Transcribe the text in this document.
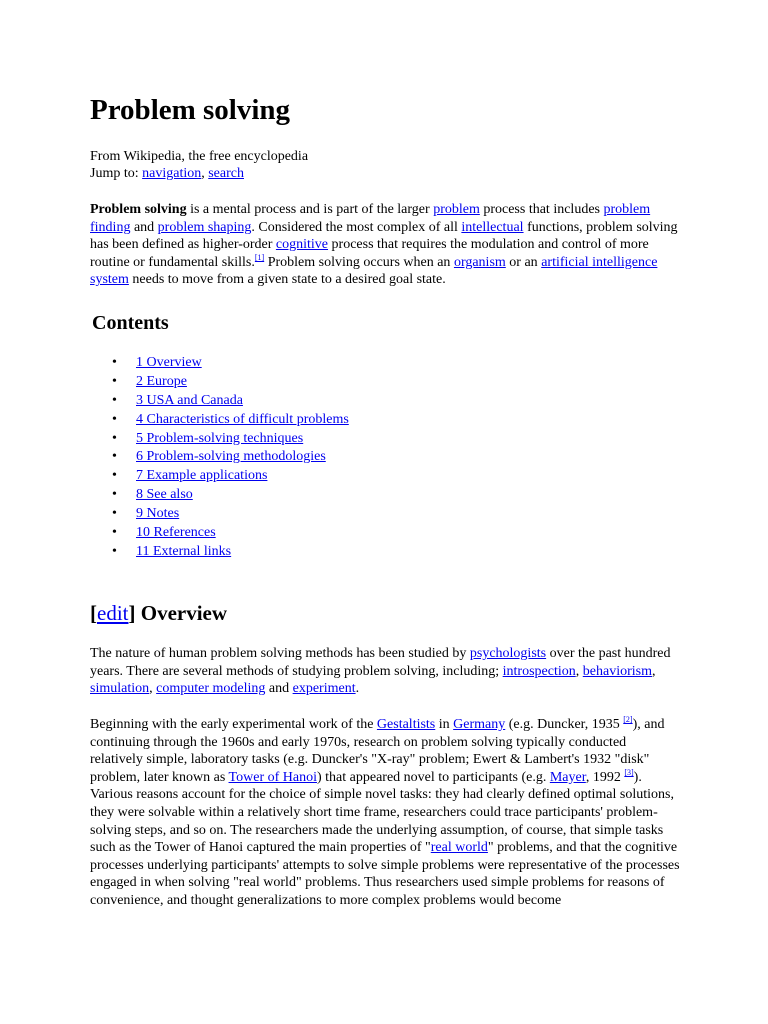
Problem solving
From Wikipedia, the free encyclopedia
Jump to: navigation, search

Problem solving is a mental process and is part of the larger problem process that includes problem finding and problem shaping. Considered the most complex of all intellectual functions, problem solving has been defined as higher-order cognitive process that requires the modulation and control of more routine or fundamental skills.[1] Problem solving occurs when an organism or an artificial intelligence system needs to move from a given state to a desired goal state.

Contents
• 1 Overview
• 2 Europe
• 3 USA and Canada
• 4 Characteristics of difficult problems
• 5 Problem-solving techniques
• 6 Problem-solving methodologies
• 7 Example applications
• 8 See also
• 9 Notes
• 10 References
• 11 External links
[edit] Overview

The nature of human problem solving methods has been studied by psychologists over the past hundred years. There are several methods of studying problem solving, including; introspection, behaviorism, simulation, computer modeling and experiment.

Beginning with the early experimental work of the Gestaltists in Germany (e.g. Duncker, 1935 [2]), and continuing through the 1960s and early 1970s, research on problem solving typically conducted relatively simple, laboratory tasks (e.g. Duncker's "X-ray" problem; Ewert & Lambert's 1932 "disk" problem, later known as Tower of Hanoi) that appeared novel to participants (e.g. Mayer, 1992 [3]). Various reasons account for the choice of simple novel tasks: they had clearly defined optimal solutions, they were solvable within a relatively short time frame, researchers could trace participants' problem-solving steps, and so on. The researchers made the underlying assumption, of course, that simple tasks such as the Tower of Hanoi captured the main properties of "real world" problems, and that the cognitive processes underlying participants' attempts to solve simple problems were representative of the processes engaged in when solving "real world" problems. Thus researchers used simple problems for reasons of convenience, and thought generalizations to more complex problems would become
